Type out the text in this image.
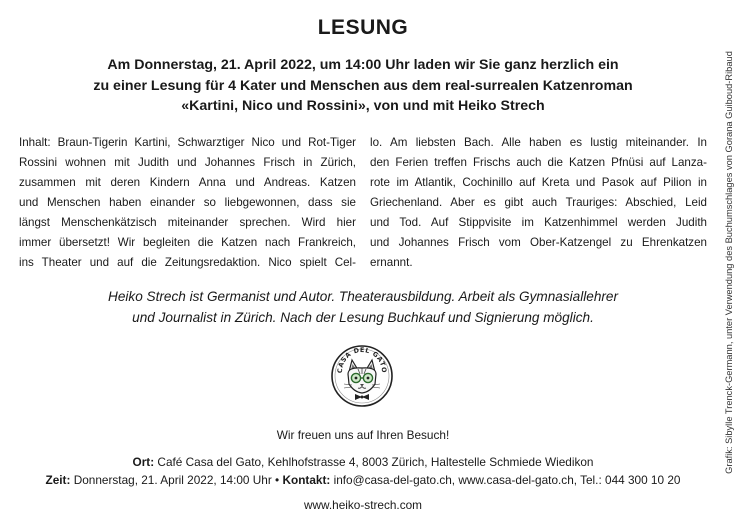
LESUNG
Am Donnerstag, 21. April 2022, um 14:00 Uhr laden wir Sie ganz herzlich ein
zu einer Lesung für 4 Kater und Menschen aus dem real-surrealen Katzenroman
«Kartini, Nico und Rossini», von und mit Heiko Strech
Inhalt: Braun-Tigerin Kartini, Schwarztiger Nico und Rot-Tiger
Rossini wohnen mit Judith und Johannes Frisch in Zürich,
zusammen mit deren Kindern Anna und Andreas. Katzen
und Menschen haben einander so liebgewonnen, dass sie
längst Menschenkätzisch miteinander sprechen. Wird hier
immer übersetzt! Wir begleiten die Katzen nach Frankreich,
ins Theater und auf die Zeitungsredaktion. Nico spielt Cel-
lo. Am liebsten Bach. Alle haben es lustig miteinander. In
den Ferien treffen Frischs auch die Katzen Pfnüsi auf Lanza-
rote im Atlantik, Cochinillo auf Kreta und Pasok auf Pilion in
Griechenland. Aber es gibt auch Trauriges: Abschied, Leid
und Tod. Auf Stippvisite im Katzenhimmel werden Judith
und Johannes Frisch vom Ober-Katzengel zu Ehrenkatzen
ernannt.
Heiko Strech ist Germanist und Autor. Theaterausbildung. Arbeit als Gymnasiallehrer
und Journalist in Zürich. Nach der Lesung Buchkauf und Signierung möglich.
CASA DEL GATO
Wir freuen uns auf Ihren Besuch!
Ort: Café Casa del Gato, Kehlhofstrasse 4, 8003 Zürich, Haltestelle Schmiede Wiedikon
Zeit: Donnerstag, 21. April 2022, 14:00 Uhr • Kontakt: info@casa-del-gato.ch, www.casa-del-gato.ch, Tel.: 044 300 10 20
www.heiko-strech.com
Grafik: Sibylle Trenck-Germann, unter Verwendung des Buchumschlages von Gorana Guiboud-Ribaud
